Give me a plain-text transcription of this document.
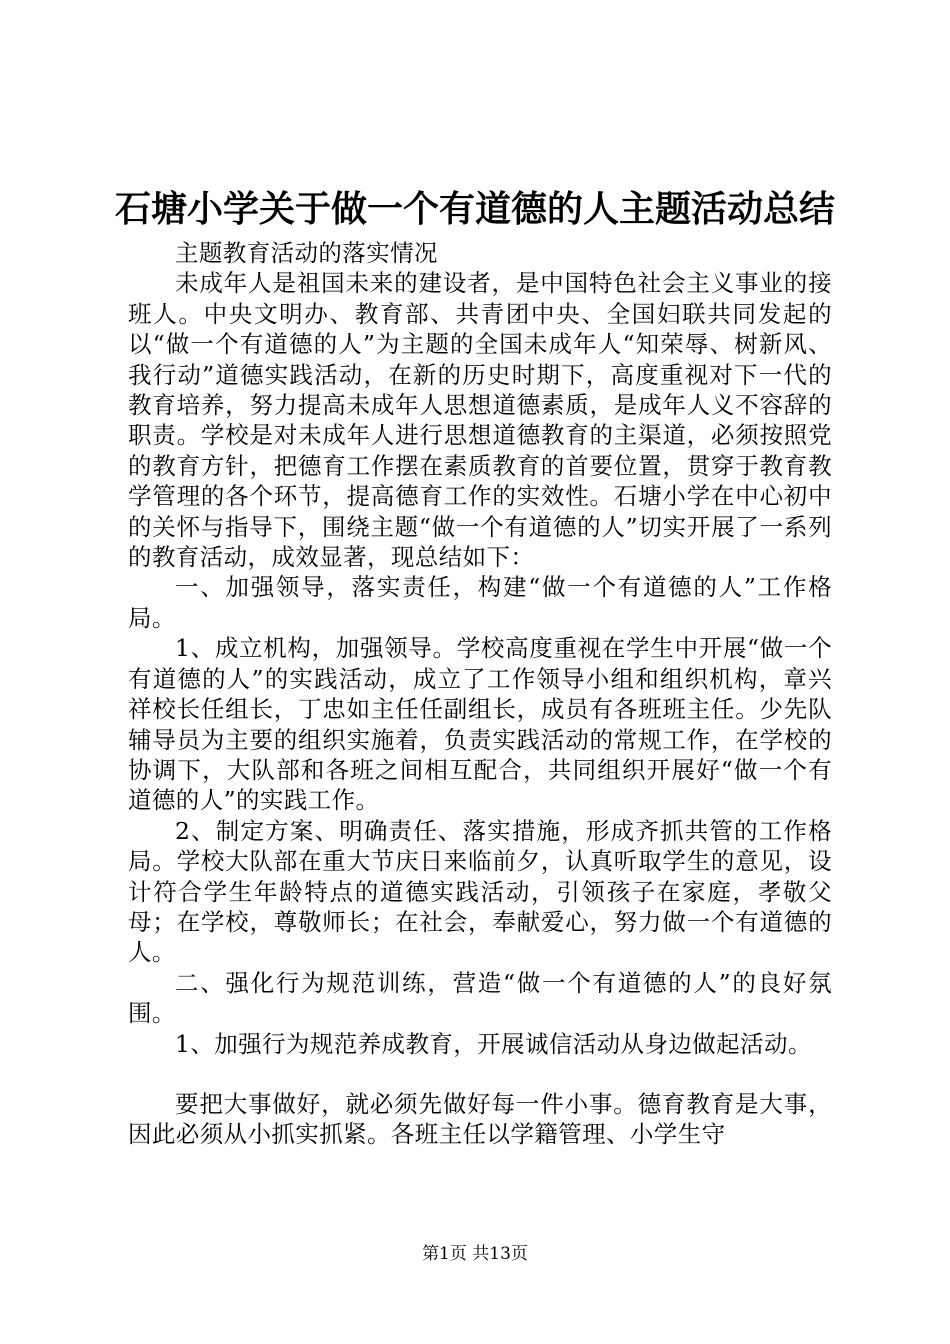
石塘小学关于做一个有道德的人主题活动总结

主题教育活动的落实情况

未成年人是祖国未来的建设者，是中国特色社会主义事业的接班人。中央文明办、教育部、共青团中央、全国妇联共同发起的以“做一个有道德的人”为主题的全国未成年人“知荣辱、树新风、我行动”道德实践活动，在新的历史时期下，高度重视对下一代的教育培养，努力提高未成年人思想道德素质，是成年人义不容辞的职责。学校是对未成年人进行思想道德教育的主渠道，必须按照党的教育方针，把德育工作摆在素质教育的首要位置，贯穿于教育教学管理的各个环节，提高德育工作的实效性。石塘小学在中心初中的关怀与指导下，围绕主题“做一个有道德的人”切实开展了一系列的教育活动，成效显著，现总结如下：

一、加强领导，落实责任，构建“做一个有道德的人”工作格局。

1、成立机构，加强领导。学校高度重视在学生中开展“做一个有道德的人”的实践活动，成立了工作领导小组和组织机构，章兴祥校长任组长，丁忠如主任任副组长，成员有各班班主任。少先队辅导员为主要的组织实施着，负责实践活动的常规工作，在学校的协调下，大队部和各班之间相互配合，共同组织开展好“做一个有道德的人”的实践工作。

2、制定方案、明确责任、落实措施，形成齐抓共管的工作格局。学校大队部在重大节庆日来临前夕，认真听取学生的意见，设计符合学生年龄特点的道德实践活动，引领孩子在家庭，孝敬父母；在学校，尊敬师长；在社会，奉献爱心，努力做一个有道德的人。

二、强化行为规范训练，营造“做一个有道德的人”的良好氛围。

1、加强行为规范养成教育，开展诚信活动从身边做起活动。

要把大事做好，就必须先做好每一件小事。德育教育是大事，因此必须从小抓实抓紧。各班主任以学籍管理、小学生守

第1页 共13页
